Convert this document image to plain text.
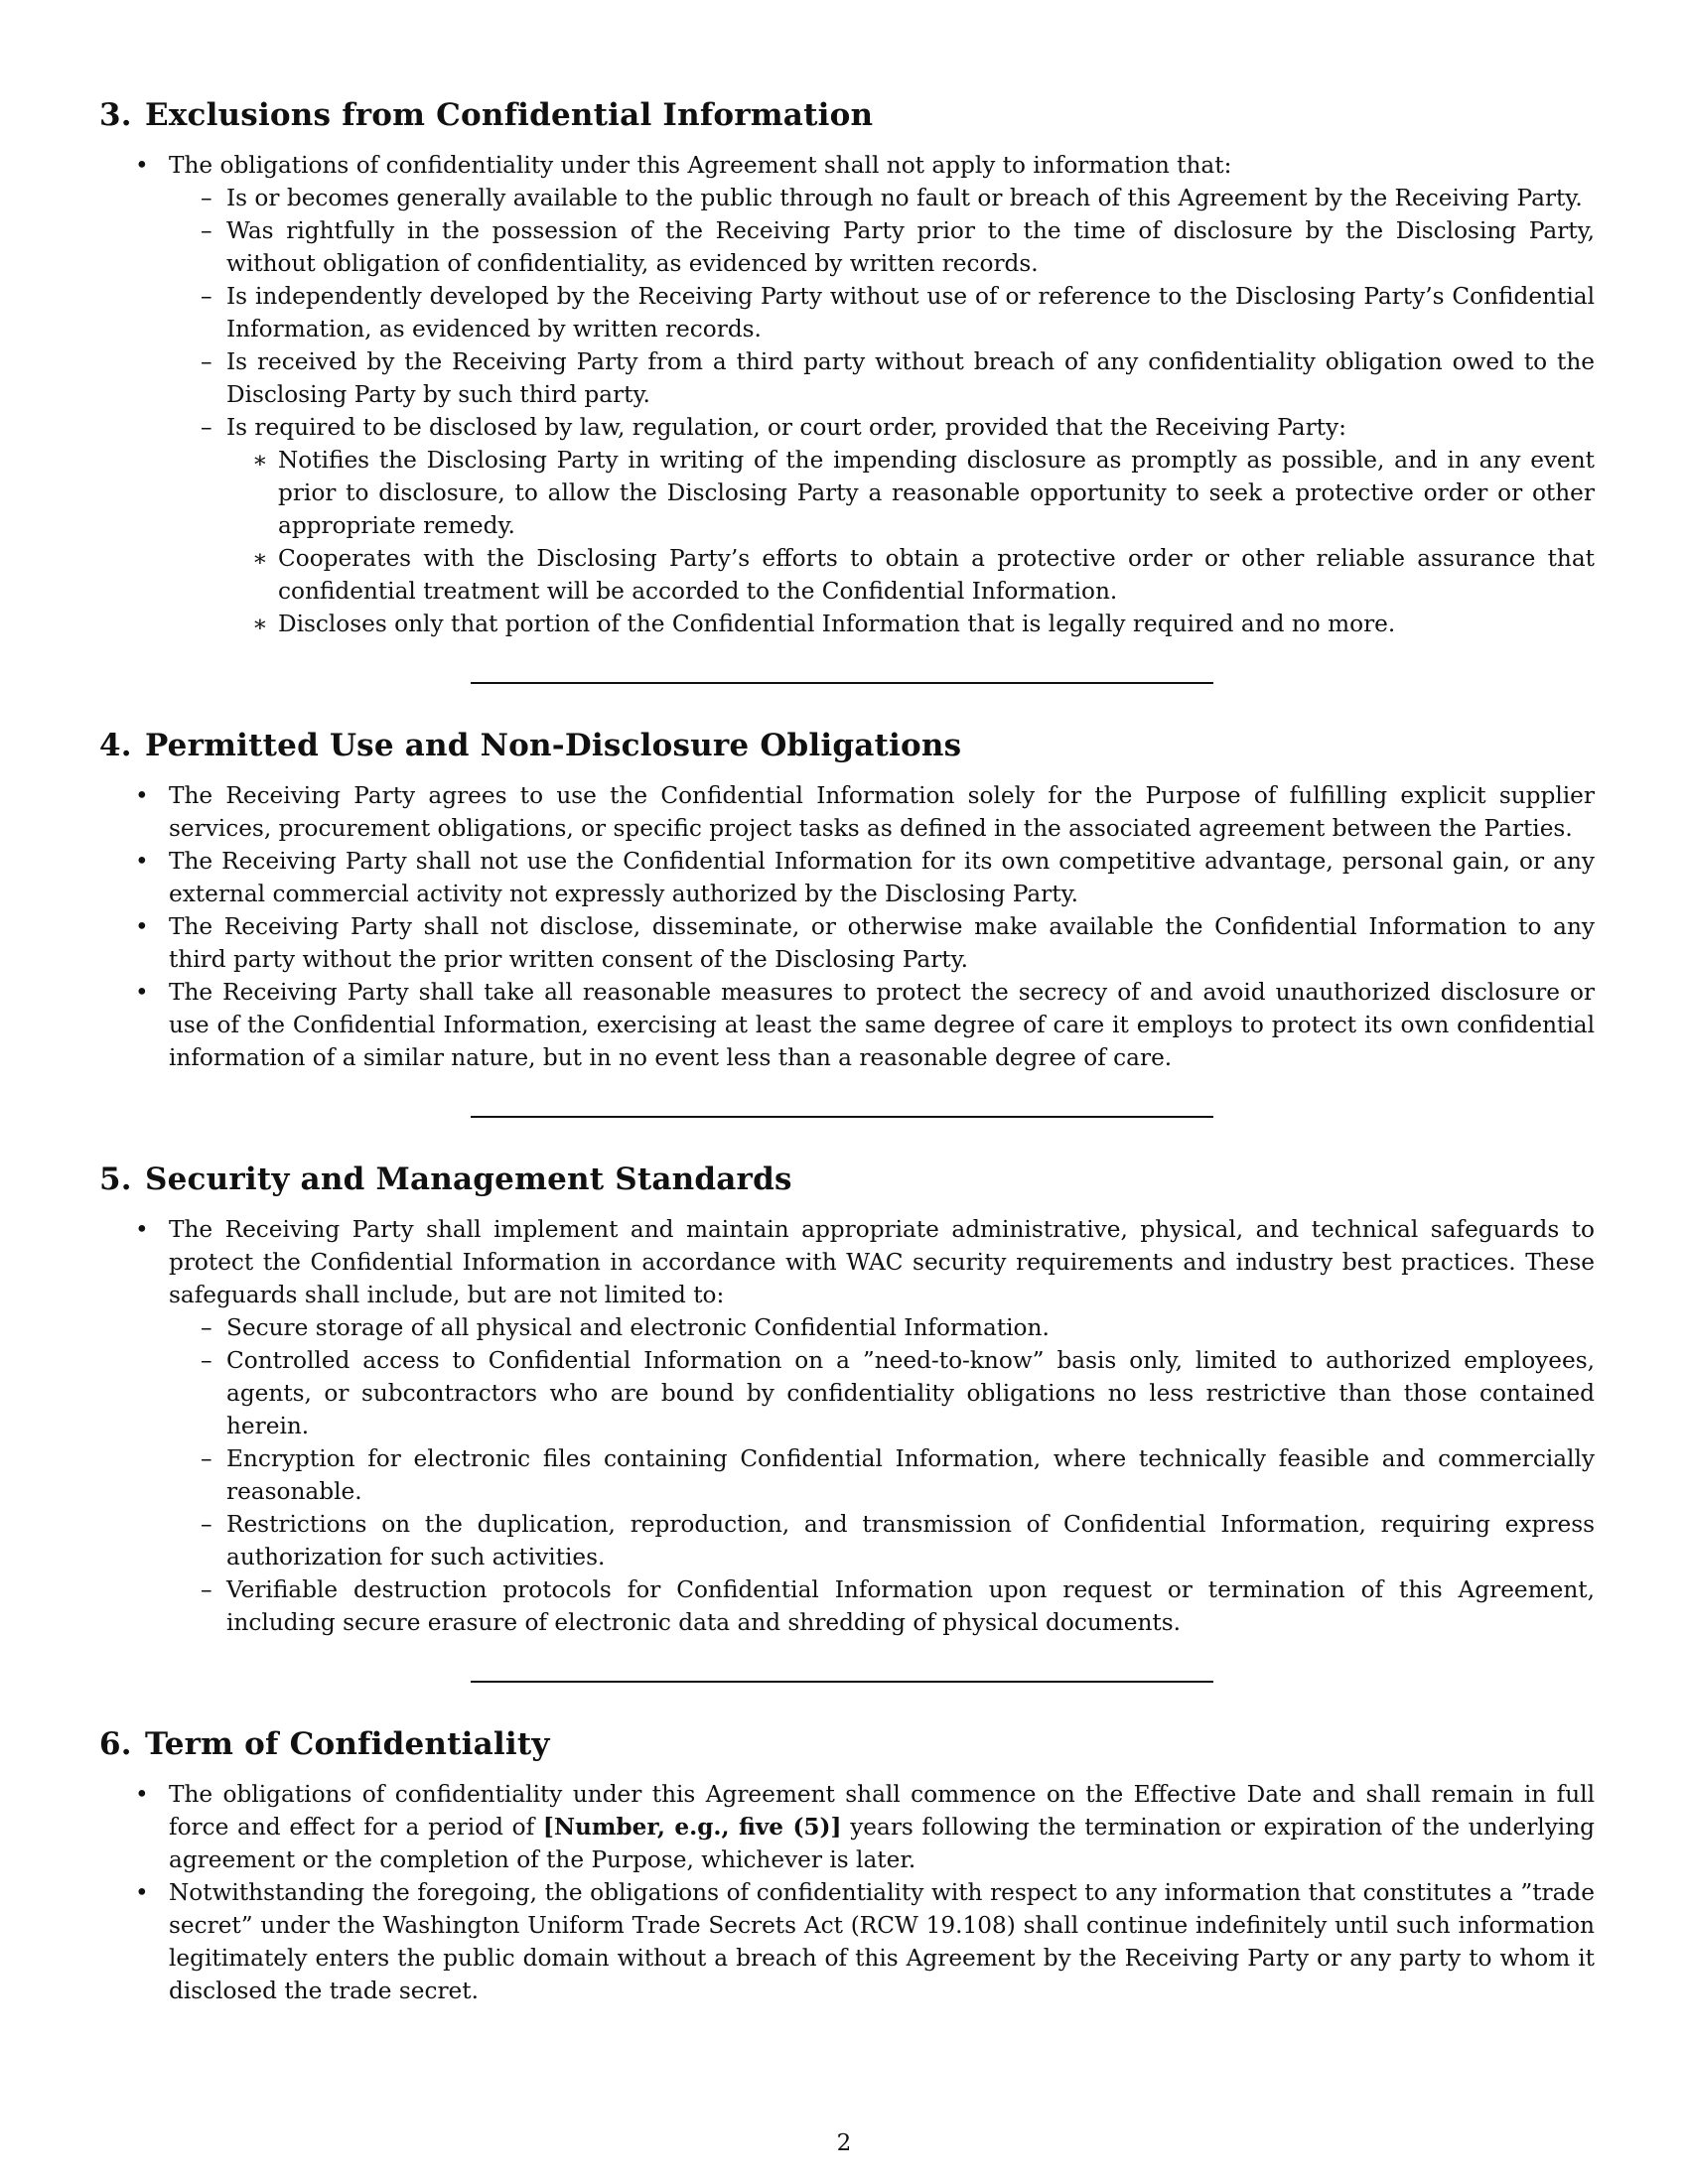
3. Exclusions from Confidential Information
• The obligations of confidentiality under this Agreement shall not apply to information that:
– Is or becomes generally available to the public through no fault or breach of this Agreement by the Receiving Party.
– Was rightfully in the possession of the Receiving Party prior to the time of disclosure by the Disclosing Party, without obligation of confidentiality, as evidenced by written records.
– Is independently developed by the Receiving Party without use of or reference to the Disclosing Party’s Confidential Information, as evidenced by written records.
– Is received by the Receiving Party from a third party without breach of any confidentiality obligation owed to the Disclosing Party by such third party.
– Is required to be disclosed by law, regulation, or court order, provided that the Receiving Party:
∗ Notifies the Disclosing Party in writing of the impending disclosure as promptly as possible, and in any event prior to disclosure, to allow the Disclosing Party a reasonable opportunity to seek a protective order or other appropriate remedy.
∗ Cooperates with the Disclosing Party’s efforts to obtain a protective order or other reliable assurance that confidential treatment will be accorded to the Confidential Information.
∗ Discloses only that portion of the Confidential Information that is legally required and no more.
4. Permitted Use and Non-Disclosure Obligations
• The Receiving Party agrees to use the Confidential Information solely for the Purpose of fulfilling explicit supplier services, procurement obligations, or specific project tasks as defined in the associated agreement between the Parties.
• The Receiving Party shall not use the Confidential Information for its own competitive advantage, personal gain, or any external commercial activity not expressly authorized by the Disclosing Party.
• The Receiving Party shall not disclose, disseminate, or otherwise make available the Confidential Information to any third party without the prior written consent of the Disclosing Party.
• The Receiving Party shall take all reasonable measures to protect the secrecy of and avoid unauthorized disclosure or use of the Confidential Information, exercising at least the same degree of care it employs to protect its own confidential information of a similar nature, but in no event less than a reasonable degree of care.
5. Security and Management Standards
• The Receiving Party shall implement and maintain appropriate administrative, physical, and technical safeguards to protect the Confidential Information in accordance with WAC security requirements and industry best practices. These safeguards shall include, but are not limited to:
– Secure storage of all physical and electronic Confidential Information.
– Controlled access to Confidential Information on a ”need-to-know” basis only, limited to authorized employees, agents, or subcontractors who are bound by confidentiality obligations no less restrictive than those contained herein.
– Encryption for electronic files containing Confidential Information, where technically feasible and commercially reasonable.
– Restrictions on the duplication, reproduction, and transmission of Confidential Information, requiring express authorization for such activities.
– Verifiable destruction protocols for Confidential Information upon request or termination of this Agreement, including secure erasure of electronic data and shredding of physical documents.
6. Term of Confidentiality
• The obligations of confidentiality under this Agreement shall commence on the Effective Date and shall remain in full force and effect for a period of [Number, e.g., five (5)] years following the termination or expiration of the underlying agreement or the completion of the Purpose, whichever is later.
• Notwithstanding the foregoing, the obligations of confidentiality with respect to any information that constitutes a ”trade secret” under the Washington Uniform Trade Secrets Act (RCW 19.108) shall continue indefinitely until such information legitimately enters the public domain without a breach of this Agreement by the Receiving Party or any party to whom it disclosed the trade secret.
2
